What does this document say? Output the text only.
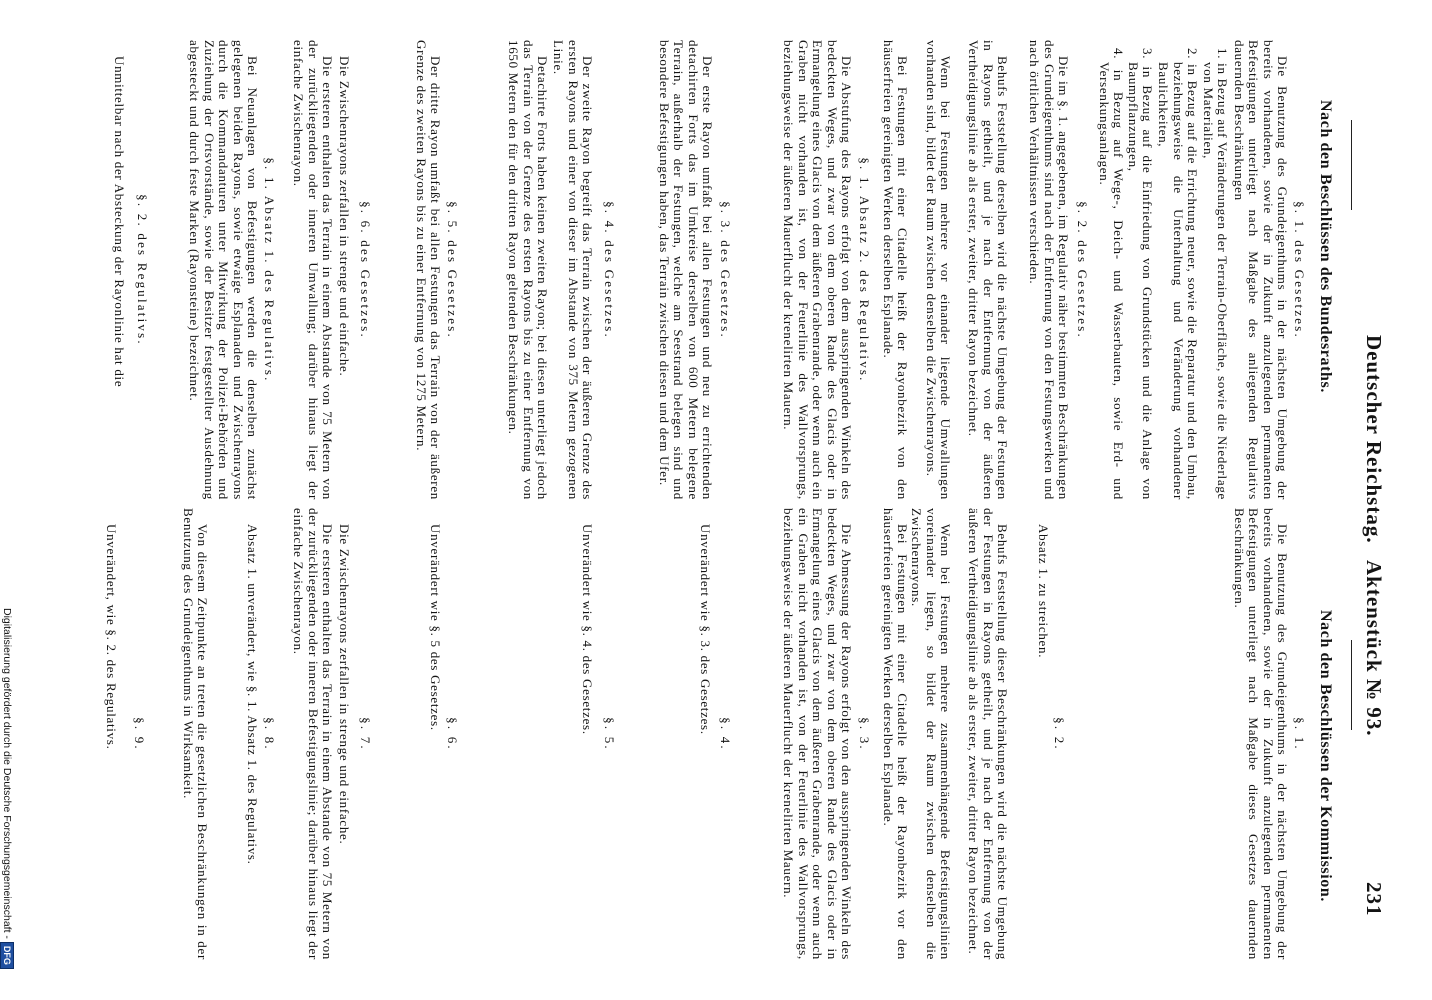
Deutscher Reichstag.
Aktenstück № 93.
231
Nach den Beschlüssen des Bundesraths.
Nach den Beschlüssen der Kommission.
§. 1. des Gesetzes.
Die Benutzung des Grundeigenthums in der nächsten Umgebung der bereits vorhandenen, sowie der in Zukunft anzulegenden permanenten Befestigungen unterliegt nach Maßgabe des anliegenden Regulativs dauernden Beschränkungen
1. in Bezug auf Veränderungen der Terrain-Oberfläche, sowie die Niederlage von Materialien,
2. in Bezug auf die Errichtung neuer, sowie die Reparatur und den Umbau, beziehungsweise die Unterhaltung und Veränderung vorhandener Baulichkeiten,
3. in Bezug auf die Einfriedung von Grundstücken und die Anlage von Baumpflanzungen,
4. in Bezug auf Wege-, Deich- und Wasserbauten, sowie Erd- und Versenkungsanlagen.
§. 2. des Gesetzes.
Die im §. 1. angegebenen, im Regulativ näher bestimmten Beschränkungen des Grundeigenthums sind nach der Entfernung von den Festungswerken und nach örtlichen Verhältnissen verschieden.
Behufs Feststellung derselben wird die nächste Umgebung der Festungen in Rayons getheilt, und je nach der Entfernung von der äußeren Vertheidigungslinie ab als erster, zweiter, dritter Rayon bezeichnet.
Wenn bei Festungen mehrere vor einander liegende Umwallungen vorhanden sind, bildet der Raum zwischen denselben die Zwischenrayons.
Bei Festungen mit einer Citadelle heißt der Rayonbezirk von den häuserfreien gereinigten Werken derselben Esplanade.
§. 1. Absatz 2. des Regulativs.
Die Abstufung des Rayons erfolgt von dem ausspringenden Winkeln des bedeckten Weges, und zwar von dem oberen Rande des Glacis oder in Ermangelung eines Glacis von dem äußeren Grabenrande, oder wenn auch ein Graben nicht vorhanden ist, von der Feuerlinie des Wallvorsprungs, beziehungsweise der äußeren Mauerflucht der krenelirten Mauern.
§. 3. des Gesetzes.
Der erste Rayon umfaßt bei allen Festungen und neu zu errichtenden detachirten Forts das im Umkreise derselben von 600 Metern belegene Terrain, außerhalb der Festungen, welche am Seestrand belegen sind und besondere Befestigungen haben, das Terrain zwischen diesen und dem Ufer.
§. 4. des Gesetzes.
Der zweite Rayon begreift das Terrain zwischen der äußeren Grenze des ersten Rayons und einer von dieser im Abstande von 375 Metern gezogenen Linie.
Detachirte Forts haben keinen zweiten Rayon; bei diesen unterliegt jedoch das Terrain von der Grenze des ersten Rayons bis zu einer Entfernung von 1650 Metern den für den dritten Rayon geltenden Beschränkungen.
§. 5. des Gesetzes.
Der dritte Rayon umfaßt bei allen Festungen das Terrain von der äußeren Grenze des zweiten Rayons bis zu einer Entfernung von 1275 Metern.
§. 6. des Gesetzes.
Die Zwischenrayons zerfallen in strenge und einfache.
Die ersteren enthalten das Terrain in einem Abstande von 75 Metern von der zurückliegenden oder inneren Umwallung; darüber hinaus liegt der einfache Zwischenrayon.
§. 1. Absatz 1. des Regulativs.
Bei Neuanlagen von Befestigungen werden die denselben zunächst gelegenen beiden Rayons, sowie etwaige Esplanaden und Zwischenrayons durch die Kommandanturen unter Mitwirkung der Polizei-Behörden und Zuziehung der Ortsvorstände, sowie der Besitzer festgestellter Ausdehnung abgesteckt und durch feste Marken (Rayonsteine) bezeichnet.
§. 2. des Regulativs.
Unmittelbar nach der Absteckung der Rayonlinie hat die
§. 1.
Die Benutzung des Grundeigenthums in der nächsten Umgebung der bereits vorhandenen, sowie der in Zukunft anzulegenden permanenten Befestigungen unterliegt nach Maßgabe dieses Gesetzes dauernden Beschränkungen.
§. 2.
Absatz 1. zu streichen.
Behufs Feststellung dieser Beschränkungen wird die nächste Umgebung der Festungen in Rayons getheilt, und je nach der Entfernung von der äußeren Vertheidigungslinie ab als erster, zweiter, dritter Rayon bezeichnet.
Wenn bei Festungen mehrere zusammenhängende Befestigungslinien voreinander liegen, so bildet der Raum zwischen denselben die Zwischenrayons.
Bei Festungen mit einer Citadelle heißt der Rayonbezirk vor den häuserfreien gereinigten Werken derselben Esplanade.
§. 3.
Die Abmessung der Rayons erfolgt von den ausspringenden Winkeln des bedeckten Weges, und zwar von dem oberen Rande des Glacis oder in Ermangelung eines Glacis von dem äußeren Grabenrande, oder wenn auch ein Graben nicht vorhanden ist, von der Feuerlinie des Wallvorsprungs, beziehungsweise der äußeren Mauerflucht der krenelirten Mauern.
§. 4.
Unverändert wie §. 3. des Gesetzes.
§. 5.
Unverändert wie §. 4. des Gesetzes.
§. 6.
Unverändert wie §. 5 des Gesetzes.
§. 7.
Die Zwischenrayons zerfallen in strenge und einfache.
Die ersteren enthalten das Terrain in einem Abstande von 75 Metern von der zurückliegenden oder inneren Befestigungslinie; darüber hinaus liegt der einfache Zwischenrayon.
§. 8.
Absatz 1. unverändert, wie §. 1. Absatz 1. des Regulativs.
Von diesem Zeitpunkte an treten die gesetzlichen Beschränkungen in der Benutzung des Grundeigenthums in Wirksamkeit.
§. 9.
Unverändert, wie §. 2. des Regulativs.
Digitalisierung gefördert durch die Deutsche Forschungsgemeinschaft -DFG
